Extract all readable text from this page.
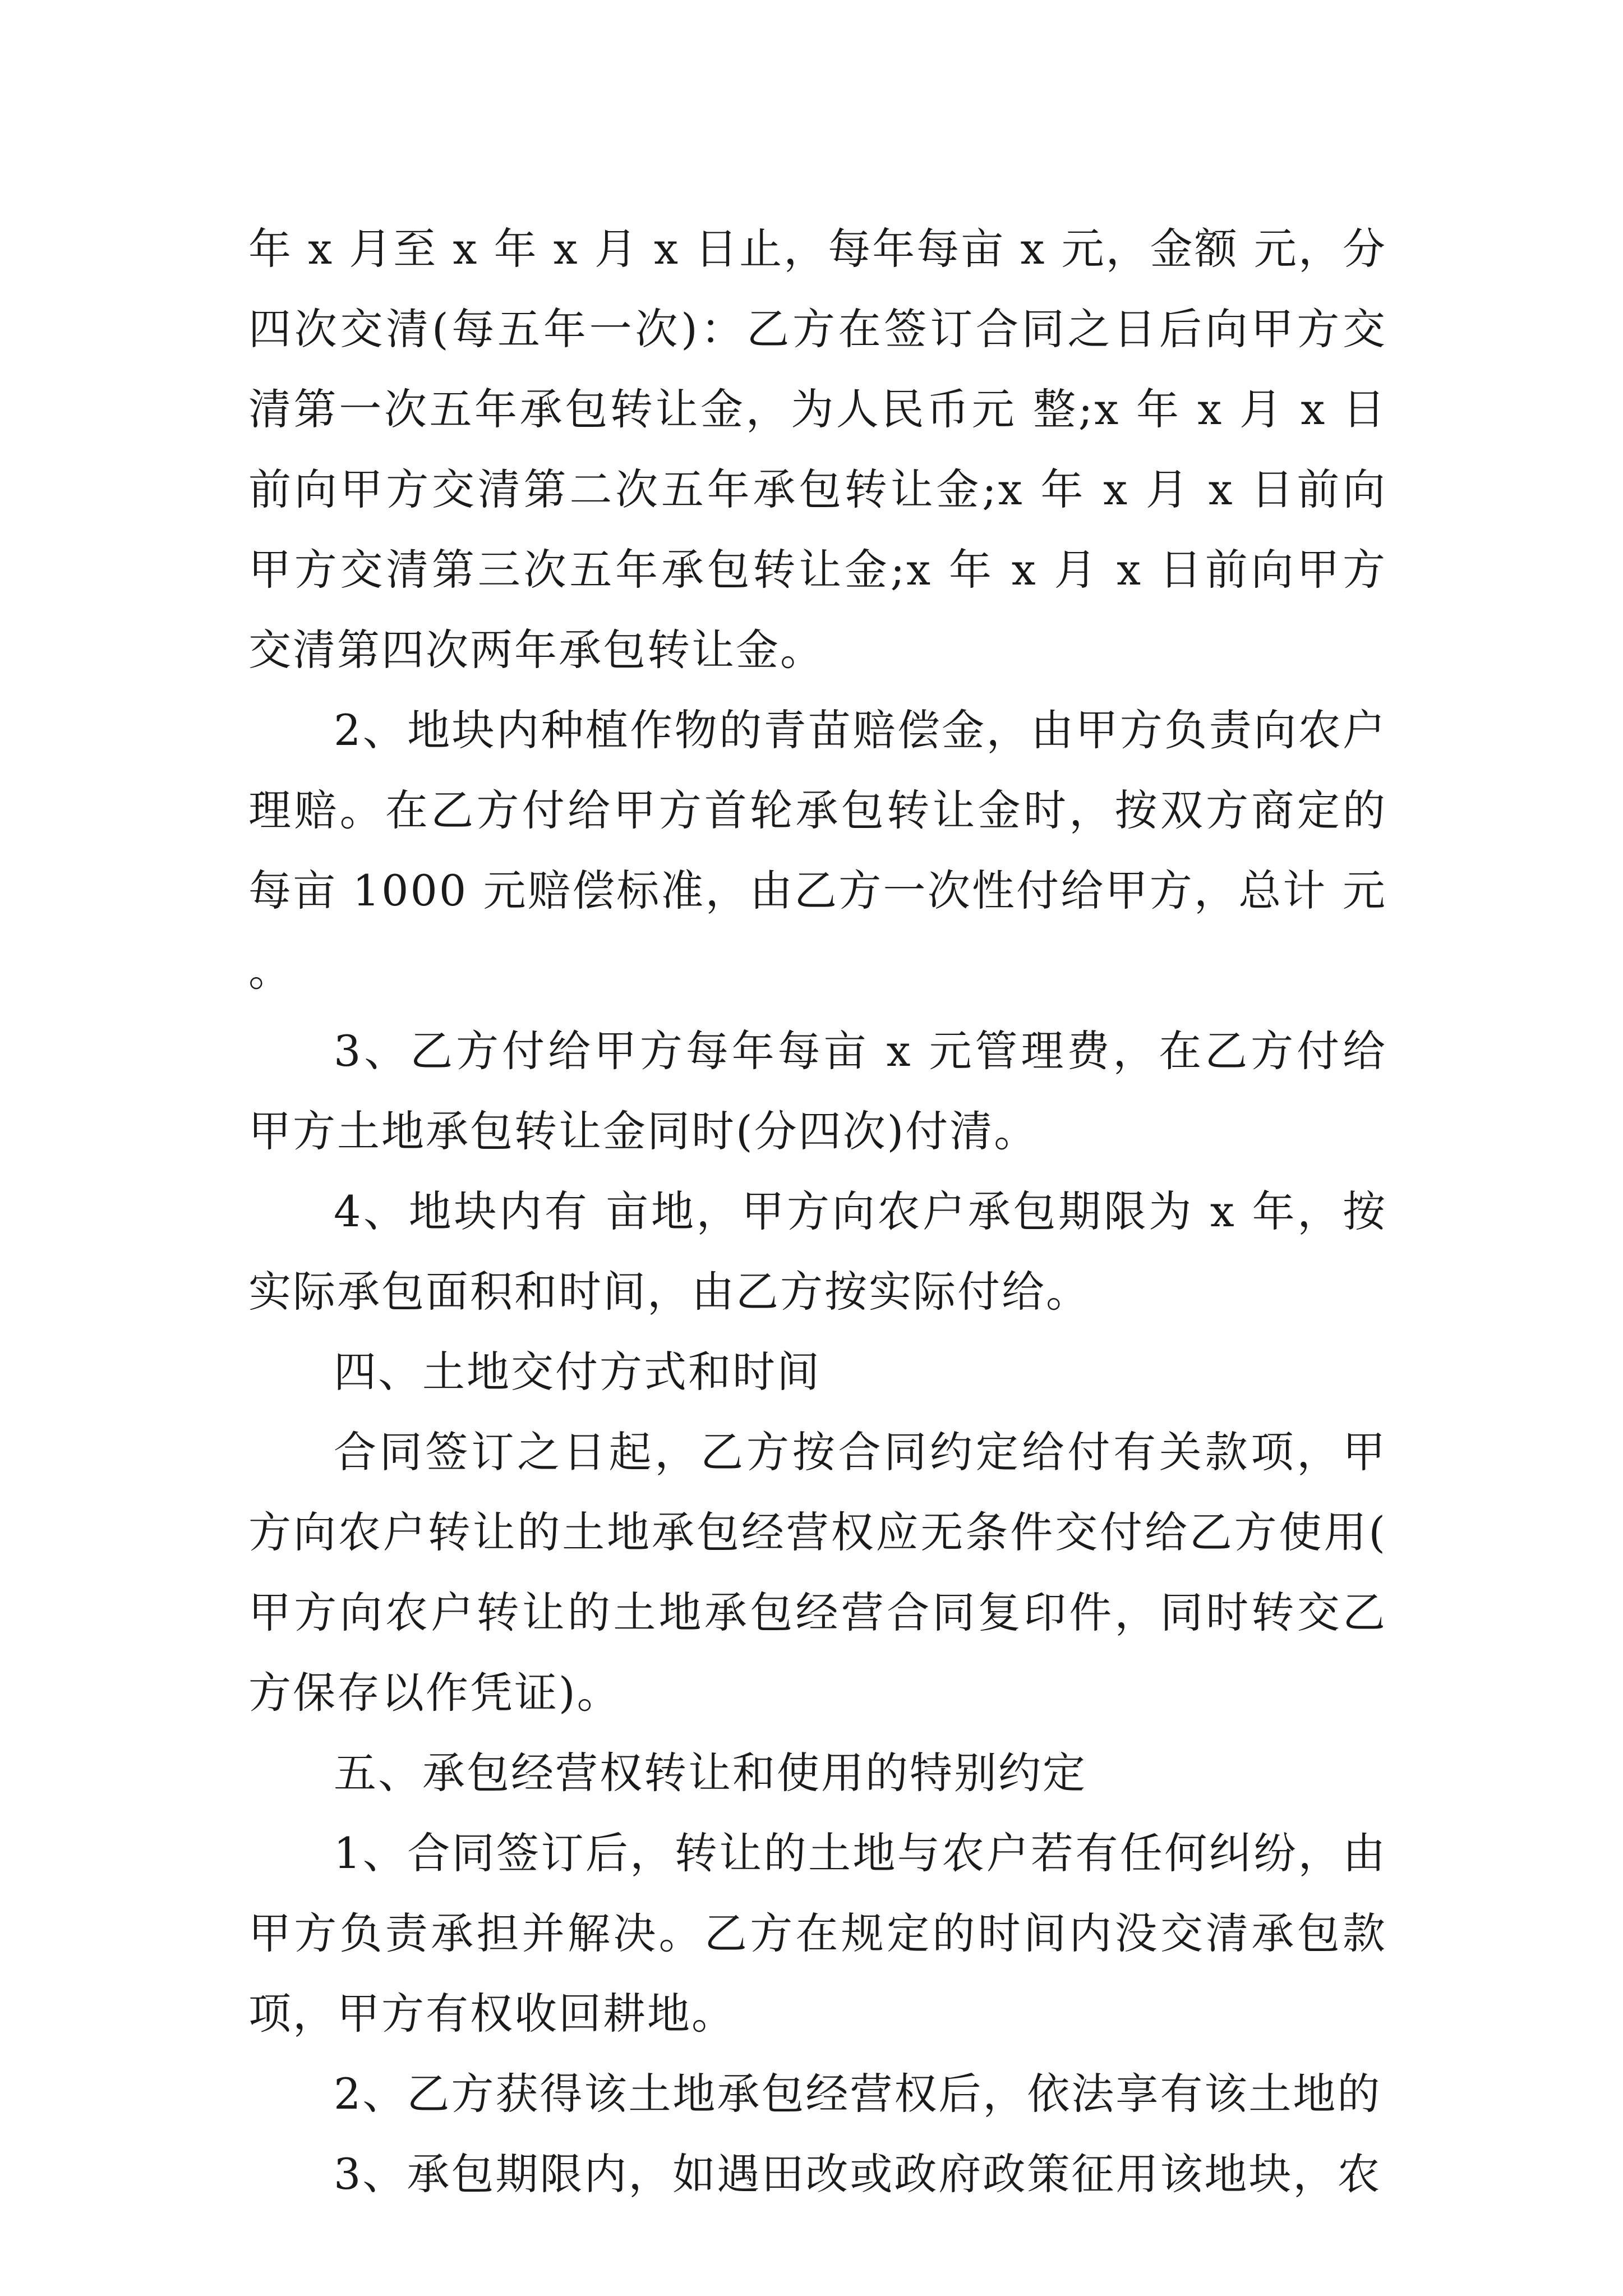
年 x 月至 x 年 x 月 x 日止，每年每亩 x 元，金额 元，分四次交清(每五年一次)：乙方在签订合同之日后向甲方交清第一次五年承包转让金，为人民币元 整;x 年 x 月 x 日前向甲方交清第二次五年承包转让金;x 年 x 月 x 日前向甲方交清第三次五年承包转让金;x 年 x 月 x 日前向甲方交清第四次两年承包转让金。

2、地块内种植作物的青苗赔偿金，由甲方负责向农户理赔。在乙方付给甲方首轮承包转让金时，按双方商定的每亩 1000 元赔偿标准，由乙方一次性付给甲方，总计 元。

3、乙方付给甲方每年每亩 x 元管理费，在乙方付给甲方土地承包转让金同时(分四次)付清。

4、地块内有 亩地，甲方向农户承包期限为 x 年，按实际承包面积和时间，由乙方按实际付给。

四、土地交付方式和时间

合同签订之日起，乙方按合同约定给付有关款项，甲方向农户转让的土地承包经营权应无条件交付给乙方使用(甲方向农户转让的土地承包经营合同复印件，同时转交乙方保存以作凭证)。

五、承包经营权转让和使用的特别约定

1、合同签订后，转让的土地与农户若有任何纠纷，由甲方负责承担并解决。乙方在规定的时间内没交清承包款项，甲方有权收回耕地。

2、乙方获得该土地承包经营权后，依法享有该土地的

3、承包期限内，如遇田改或政府政策征用该地块，农
